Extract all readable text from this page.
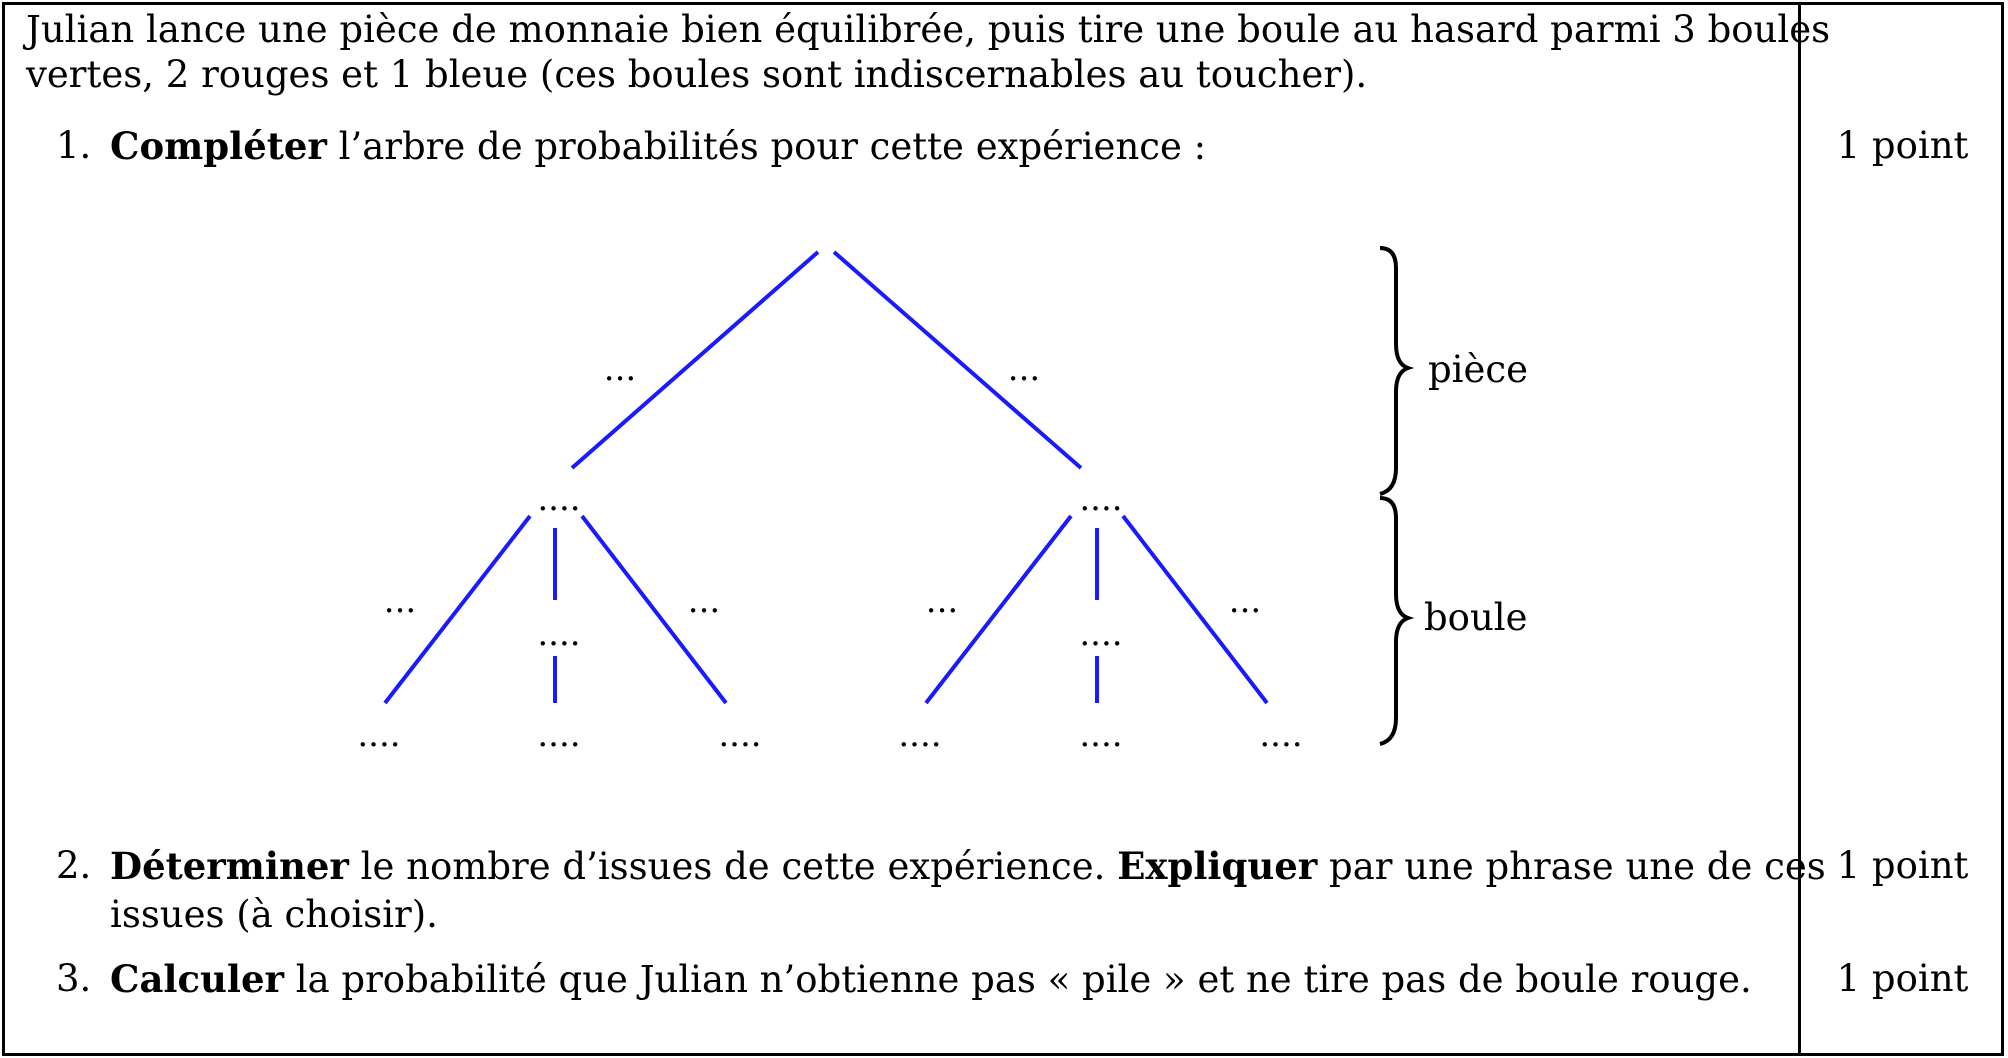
Julian lance une pièce de monnaie bien équilibrée, puis tire une boule au hasard parmi 3 boules
vertes, 2 rouges et 1 bleue (ces boules sont indiscernables au toucher).
1. Compléter l’arbre de probabilités pour cette expérience :	1 point
...	...
....	....
...
....
...	...
....
...
....	....	....	....	....	....
pièce
boule
2. Déterminer le nombre d’issues de cette expérience. Expliquer par une phrase une de ces
issues (à choisir).
1 point
3. Calculer la probabilité que Julian n’obtienne pas « pile » et ne tire pas de boule rouge.	1 point
